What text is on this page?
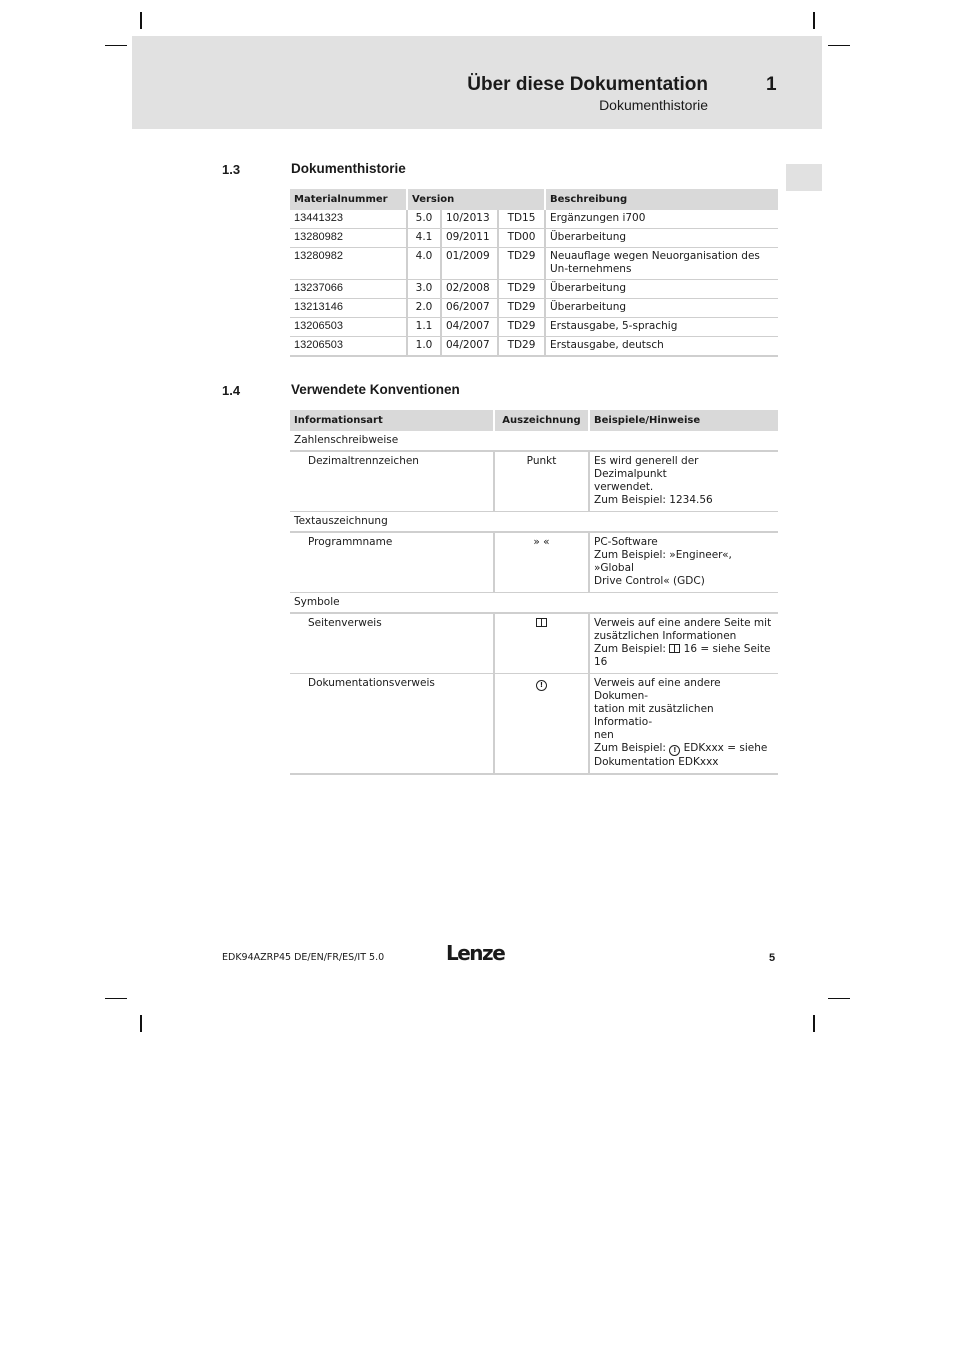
Über diese Dokumentation	1
Dokumenthistorie
1.3	Dokumenthistorie
Materialnummer	Version			Beschreibung
13441323	5.0	10/2013	TD15	Ergänzungen i700
13280982	4.1	09/2011	TD00	Überarbeitung
13280982	4.0	01/2009	TD29	Neuauflage wegen Neuorganisation des Un-ternehmens
13237066	3.0	02/2008	TD29	Überarbeitung
13213146	2.0	06/2007	TD29	Überarbeitung
13206503	1.1	04/2007	TD29	Erstausgabe, 5-sprachig
13206503	1.0	04/2007	TD29	Erstausgabe, deutsch
1.4	Verwendete Konventionen
Informationsart	Auszeichnung	Beispiele/Hinweise
Zahlenschreibweise		
Dezimaltrennzeichen	Punkt	Es wird generell der Dezimalpunkt
verwendet.
Zum Beispiel: 1234.56

Textauszeichnung		
Programmname	» «	PC-Software
Zum Beispiel: »Engineer«, »Global
Drive Control« (GDC)

Symbole		
Seitenverweis		Verweis auf eine andere Seite mit
zusätzlichen Informationen
Zum Beispiel:  16 = siehe Seite 16

Dokumentationsverweis	!	Verweis auf eine andere Dokumen-
tation mit zusätzlichen Informatio-
nen
Zum Beispiel: ! EDKxxx = siehe
Dokumentation EDKxxx
EDK94AZRP45 DE/EN/FR/ES/IT 5.0	Lenze	5
